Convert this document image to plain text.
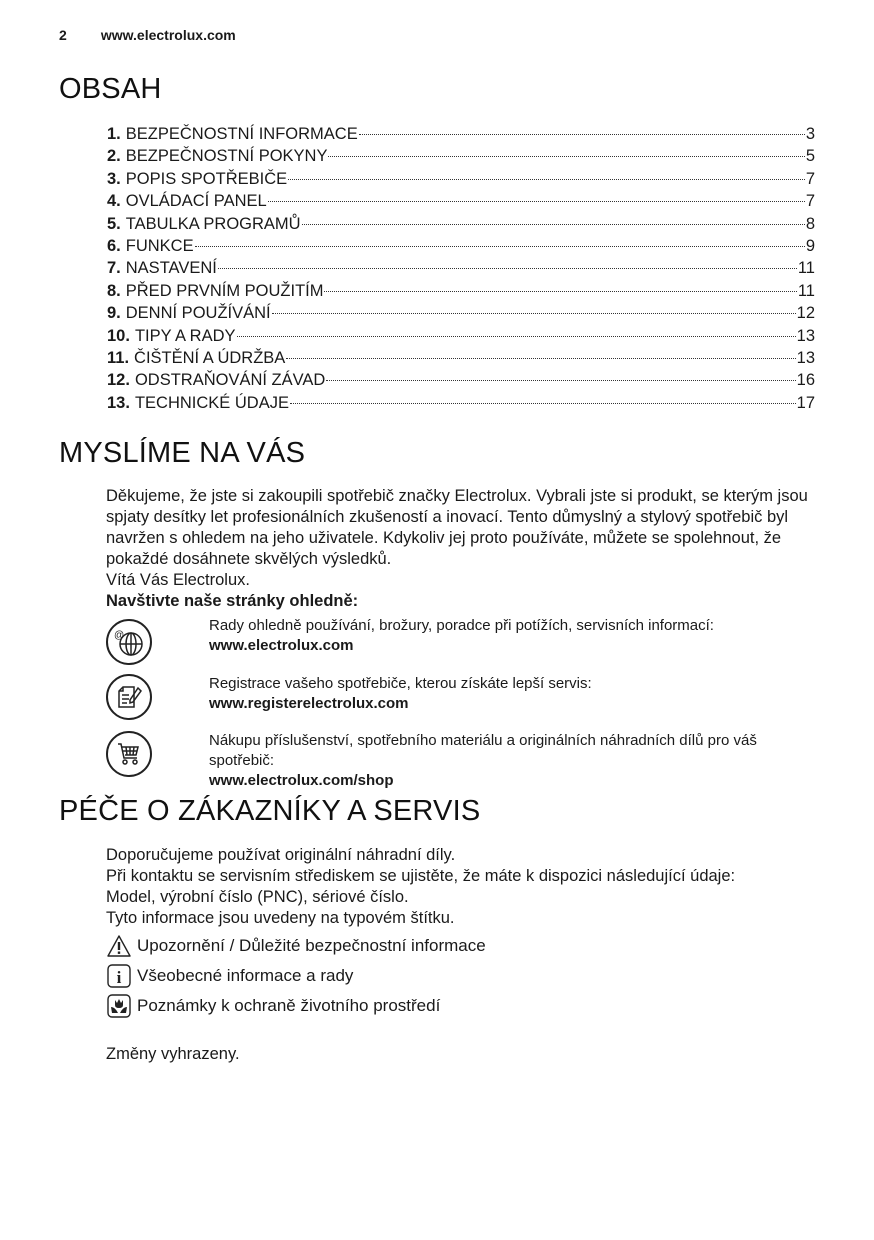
2 www.electrolux.com
OBSAH
1. BEZPEČNOSTNÍ INFORMACE	3
2. BEZPEČNOSTNÍ POKYNY	5
3. POPIS SPOTŘEBIČE	7
4. OVLÁDACÍ PANEL	7
5. TABULKA PROGRAMŮ	8
6. FUNKCE	9
7. NASTAVENÍ	11
8. PŘED PRVNÍM POUŽITÍM	11
9. DENNÍ POUŽÍVÁNÍ	12
10. TIPY A RADY	13
11. ČIŠTĚNÍ A ÚDRŽBA	13
12. ODSTRAŇOVÁNÍ ZÁVAD	16
13. TECHNICKÉ ÚDAJE	17
MYSLÍME NA VÁS

Děkujeme, že jste si zakoupili spotřebič značky Electrolux. Vybrali jste si produkt, se kterým jsou spjaty desítky let profesionálních zkušeností a inovací. Tento důmyslný a stylový spotřebič byl navržen s ohledem na jeho uživatele. Kdykoliv jej proto používáte, můžete se spolehnout, že pokaždé dosáhnete skvělých výsledků.

Vítá Vás Electrolux.

Navštivte naše stránky ohledně:

@
Rady ohledně používání, brožury, poradce při potížích, servisních informací:
www.electrolux.com
Registrace vašeho spotřebiče, kterou získáte lepší servis:
www.registerelectrolux.com
Nákupu příslušenství, spotřebního materiálu a originálních náhradních dílů pro váš spotřebič:
www.electrolux.com/shop
PÉČE O ZÁKAZNÍKY A SERVIS

Doporučujeme používat originální náhradní díly.

Při kontaktu se servisním střediskem se ujistěte, že máte k dispozici následující údaje: Model, výrobní číslo (PNC), sériové číslo.

Tyto informace jsou uvedeny na typovém štítku.

Upozornění / Důležité bezpečnostní informace
i Všeobecné informace a rady
Poznámky k ochraně životního prostředí
Změny vyhrazeny.
